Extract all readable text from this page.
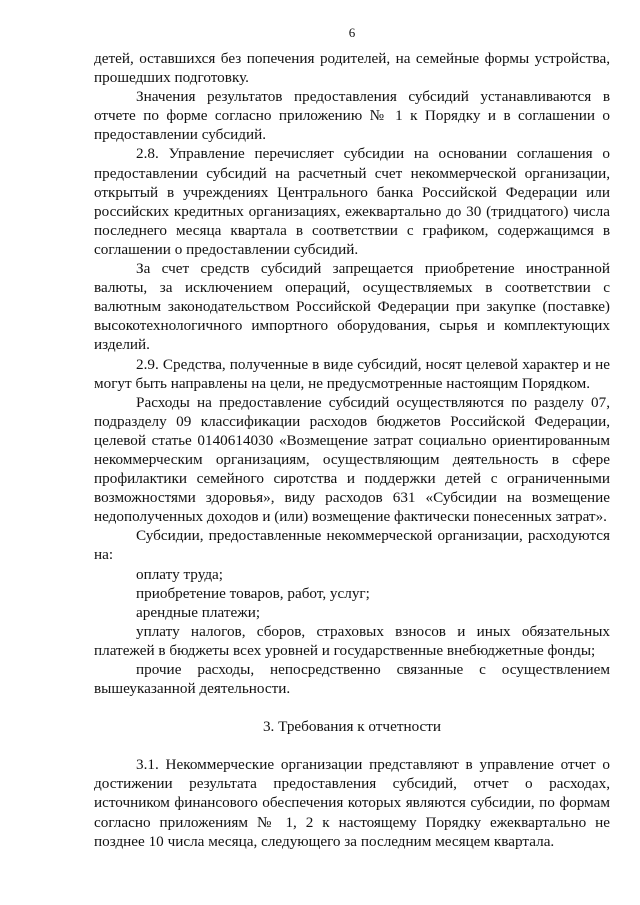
6

детей, оставшихся без попечения родителей, на семейные формы устройства, прошедших подготовку.

Значения результатов предоставления субсидий устанавливаются в отчете по форме согласно приложению № 1 к Порядку и в соглашении о предоставлении субсидий.

2.8. Управление перечисляет субсидии на основании соглашения о предоставлении субсидий на расчетный счет некоммерческой организации, открытый в учреждениях Центрального банка Российской Федерации или российских кредитных организациях, ежеквартально до 30 (тридцатого) числа последнего месяца квартала в соответствии с графиком, содержащимся в соглашении о предоставлении субсидий.

За счет средств субсидий запрещается приобретение иностранной валюты, за исключением операций, осуществляемых в соответствии с валютным законодательством Российской Федерации при закупке (поставке) высокотехнологичного импортного оборудования, сырья и комплектующих изделий.

2.9. Средства, полученные в виде субсидий, носят целевой характер и не могут быть направлены на цели, не предусмотренные настоящим Порядком.

Расходы на предоставление субсидий осуществляются по разделу 07, подразделу 09 классификации расходов бюджетов Российской Федерации, целевой статье 0140614030 «Возмещение затрат социально ориентированным некоммерческим организациям, осуществляющим деятельность в сфере профилактики семейного сиротства и поддержки детей с ограниченными возможностями здоровья», виду расходов 631 «Субсидии на возмещение недополученных доходов и (или) возмещение фактически понесенных затрат».

Субсидии, предоставленные некоммерческой организации, расходуются на:

оплату труда;

приобретение товаров, работ, услуг;

арендные платежи;

уплату налогов, сборов, страховых взносов и иных обязательных платежей в бюджеты всех уровней и государственные внебюджетные фонды;

прочие расходы, непосредственно связанные с осуществлением вышеуказанной деятельности.

3. Требования к отчетности

3.1. Некоммерческие организации представляют в управление отчет о достижении результата предоставления субсидий, отчет о расходах, источником финансового обеспечения которых являются субсидии, по формам согласно приложениям № 1, 2 к настоящему Порядку ежеквартально не позднее 10 числа месяца, следующего за последним месяцем квартала.
